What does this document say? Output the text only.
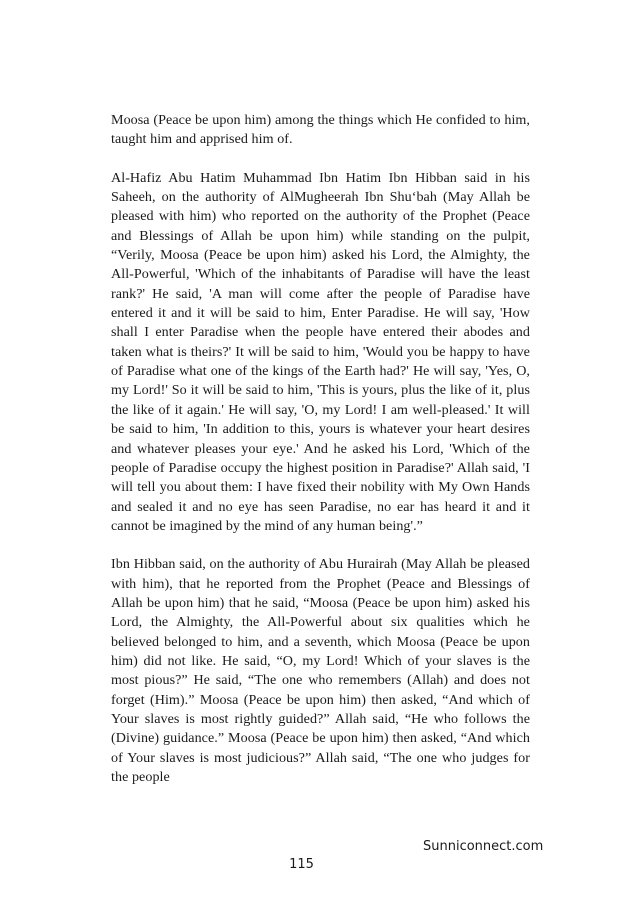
Moosa (Peace be upon him) among the things which He confided to him, taught him and apprised him of.

Al-Hafiz Abu Hatim Muhammad Ibn Hatim Ibn Hibban said in his Saheeh, on the authority of AlMugheerah Ibn Shu‘bah (May Allah be pleased with him) who reported on the authority of the Prophet (Peace and Blessings of Allah be upon him) while standing on the pulpit, “Verily, Moosa (Peace be upon him) asked his Lord, the Almighty, the All-Powerful, 'Which of the inhabitants of Paradise will have the least rank?' He said, 'A man will come after the people of Paradise have entered it and it will be said to him, Enter Paradise. He will say, 'How shall I enter Paradise when the people have entered their abodes and taken what is theirs?' It will be said to him, 'Would you be happy to have of Paradise what one of the kings of the Earth had?' He will say, 'Yes, O, my Lord!' So it will be said to him, 'This is yours, plus the like of it, plus the like of it again.' He will say, 'O, my Lord! I am well-pleased.' It will be said to him, 'In addition to this, yours is whatever your heart desires and whatever pleases your eye.' And he asked his Lord, 'Which of the people of Paradise occupy the highest position in Paradise?' Allah said, 'I will tell you about them: I have fixed their nobility with My Own Hands and sealed it and no eye has seen Paradise, no ear has heard it and it cannot be imagined by the mind of any human being'.”

Ibn Hibban said, on the authority of Abu Hurairah (May Allah be pleased with him), that he reported from the Prophet (Peace and Blessings of Allah be upon him) that he said, “Moosa (Peace be upon him) asked his Lord, the Almighty, the All-Powerful about six qualities which he believed belonged to him, and a seventh, which Moosa (Peace be upon him) did not like. He said, “O, my Lord! Which of your slaves is the most pious?” He said, “The one who remembers (Allah) and does not forget (Him).” Moosa (Peace be upon him) then asked, “And which of Your slaves is most rightly guided?” Allah said, “He who follows the (Divine) guidance.” Moosa (Peace be upon him) then asked, “And which of Your slaves is most judicious?” Allah said, “The one who judges for the people

Sunniconnect.com
115
